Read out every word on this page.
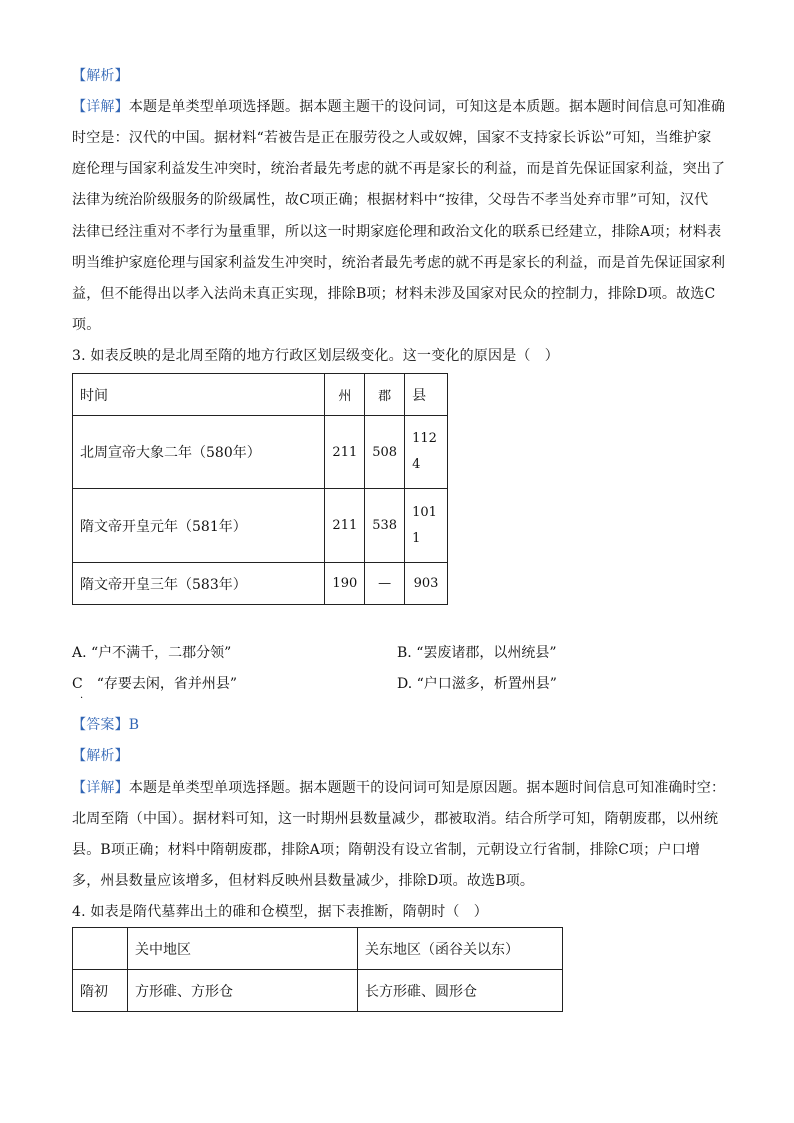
【解析】
【详解】本题是单类型单项选择题。据本题主题干的设问词，可知这是本质题。据本题时间信息可知准确
时空是：汉代的中国。据材料“若被告是正在服劳役之人或奴婢，国家不支持家长诉讼”可知，当维护家
庭伦理与国家利益发生冲突时，统治者最先考虑的就不再是家长的利益，而是首先保证国家利益，突出了
法律为统治阶级服务的阶级属性，故C项正确；根据材料中“按律，父母告不孝当处弃市罪”可知，汉代
法律已经注重对不孝行为量重罪，所以这一时期家庭伦理和政治文化的联系已经建立，排除A项；材料表
明当维护家庭伦理与国家利益发生冲突时，统治者最先考虑的就不再是家长的利益，而是首先保证国家利
益，但不能得出以孝入法尚未真正实现，排除B项；材料未涉及国家对民众的控制力，排除D项。故选C
项。
3. 如表反映的是北周至隋的地方行政区划层级变化。这一变化的原因是（　）
时间	州	郡	县
北周宣帝大象二年（580年）	211	508	112
4
隋文帝开皇元年（581年）	211	538	101
1
隋文帝开皇三年（583年）	190	—	903
A. “户不满千，二郡分领”	B. “罢废诸郡，以州统县”
C　“存要去闲，省并州县”	D. “户口滋多，析置州县”
·
【答案】B
【解析】
【详解】本题是单类型单项选择题。据本题题干的设问词可知是原因题。据本题时间信息可知准确时空：
北周至隋（中国）。据材料可知，这一时期州县数量减少，郡被取消。结合所学可知，隋朝废郡，以州统
县。B项正确；材料中隋朝废郡，排除A项；隋朝没有设立省制，元朝设立行省制，排除C项；户口增
多，州县数量应该增多，但材料反映州县数量减少，排除D项。故选B项。
4. 如表是隋代墓葬出土的碓和仓模型，据下表推断，隋朝时（　）
	关中地区	关东地区（函谷关以东）
隋初	方形碓、方形仓	长方形碓、圆形仓
